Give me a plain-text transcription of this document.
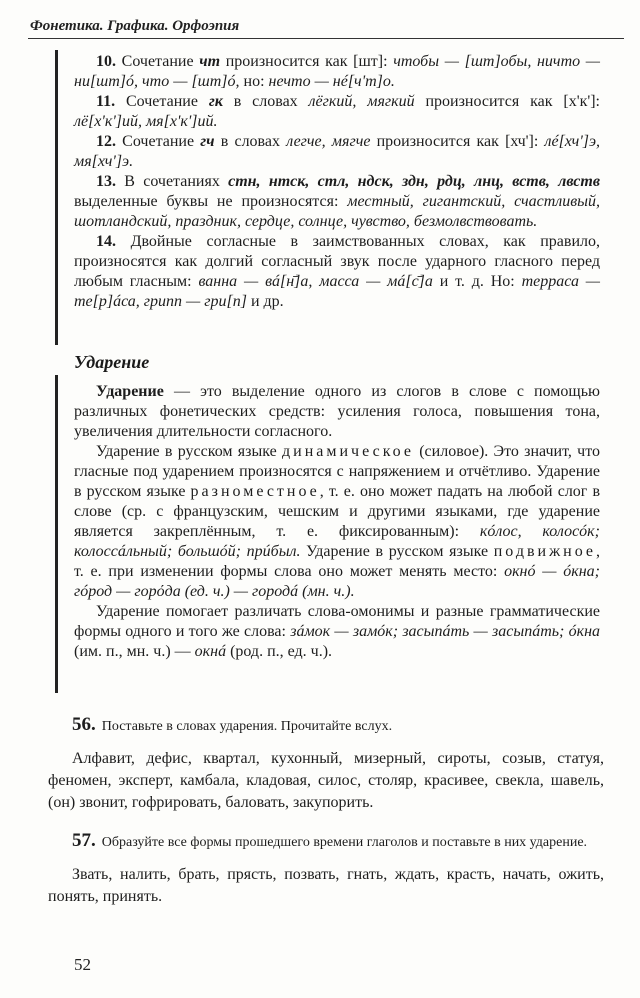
Фонетика. Графика. Орфоэпия

10. Сочетание чт произносится как [шт]: чтобы — [шт]обы, ничто — ни[шт]ó, что — [шт]ó, но: нечто — нé[ч'т]о.

11. Сочетание гк в словах лёгкий, мягкий произносится как [х'к']: лё[х'к']ий, мя[х'к']ий.

12. Сочетание гч в словах легче, мягче произносится как [хч']: лé[хч']э, мя[хч']э.

13. В сочетаниях стн, нтск, стл, ндск, здн, рдц, лнц, вств, лвств выделенные буквы не произносятся: местный, гигантский, счастливый, шотландский, праздник, сердце, солнце, чувство, безмолвствовать.

14. Двойные согласные в заимствованных словах, как правило, произносятся как долгий согласный звук после ударного гласного перед любым гласным: ванна — вá[н̄]а, масса — мá[с̄]а и т. д. Но: терраса — те[р]áса, грипп — гри[п] и др.

Ударение

Ударение — это выделение одного из слогов в слове с помощью различных фонетических средств: усиления голоса, повышения тона, увеличения длительности согласного.

Ударение в русском языке динамическое (силовое). Это значит, что гласные под ударением произносятся с напряжением и отчётливо. Ударение в русском языке разноместное, т. е. оно может падать на любой слог в слове (ср. с французским, чешским и другими языками, где ударение является закреплённым, т. е. фиксированным): кóлос, колосóк; колоссáльный; большóй; прúбыл. Ударение в русском языке подвижное, т. е. при изменении формы слова оно может менять место: окнó — óкна; гóрод — горόда (ед. ч.) — городá (мн. ч.).

Ударение помогает различать слова-омонимы и разные грамматические формы одного и того же слова: зáмок — замóк; засыпáть — засыпáть; óкна (им. п., мн. ч.) — окнá (род. п., ед. ч.).

56. Поставьте в словах ударения. Прочитайте вслух.
Алфавит, дефис, квартал, кухонный, мизерный, сироты, созыв, статуя, феномен, эксперт, камбала, кладовая, силос, столяр, красивее, свекла, шавель, (он) звонит, гофрировать, баловать, закупорить.
57. Образуйте все формы прошедшего времени глаголов и поставьте в них ударение.
Звать, налить, брать, прясть, позвать, гнать, ждать, красть, начать, ожить, понять, принять.
52
